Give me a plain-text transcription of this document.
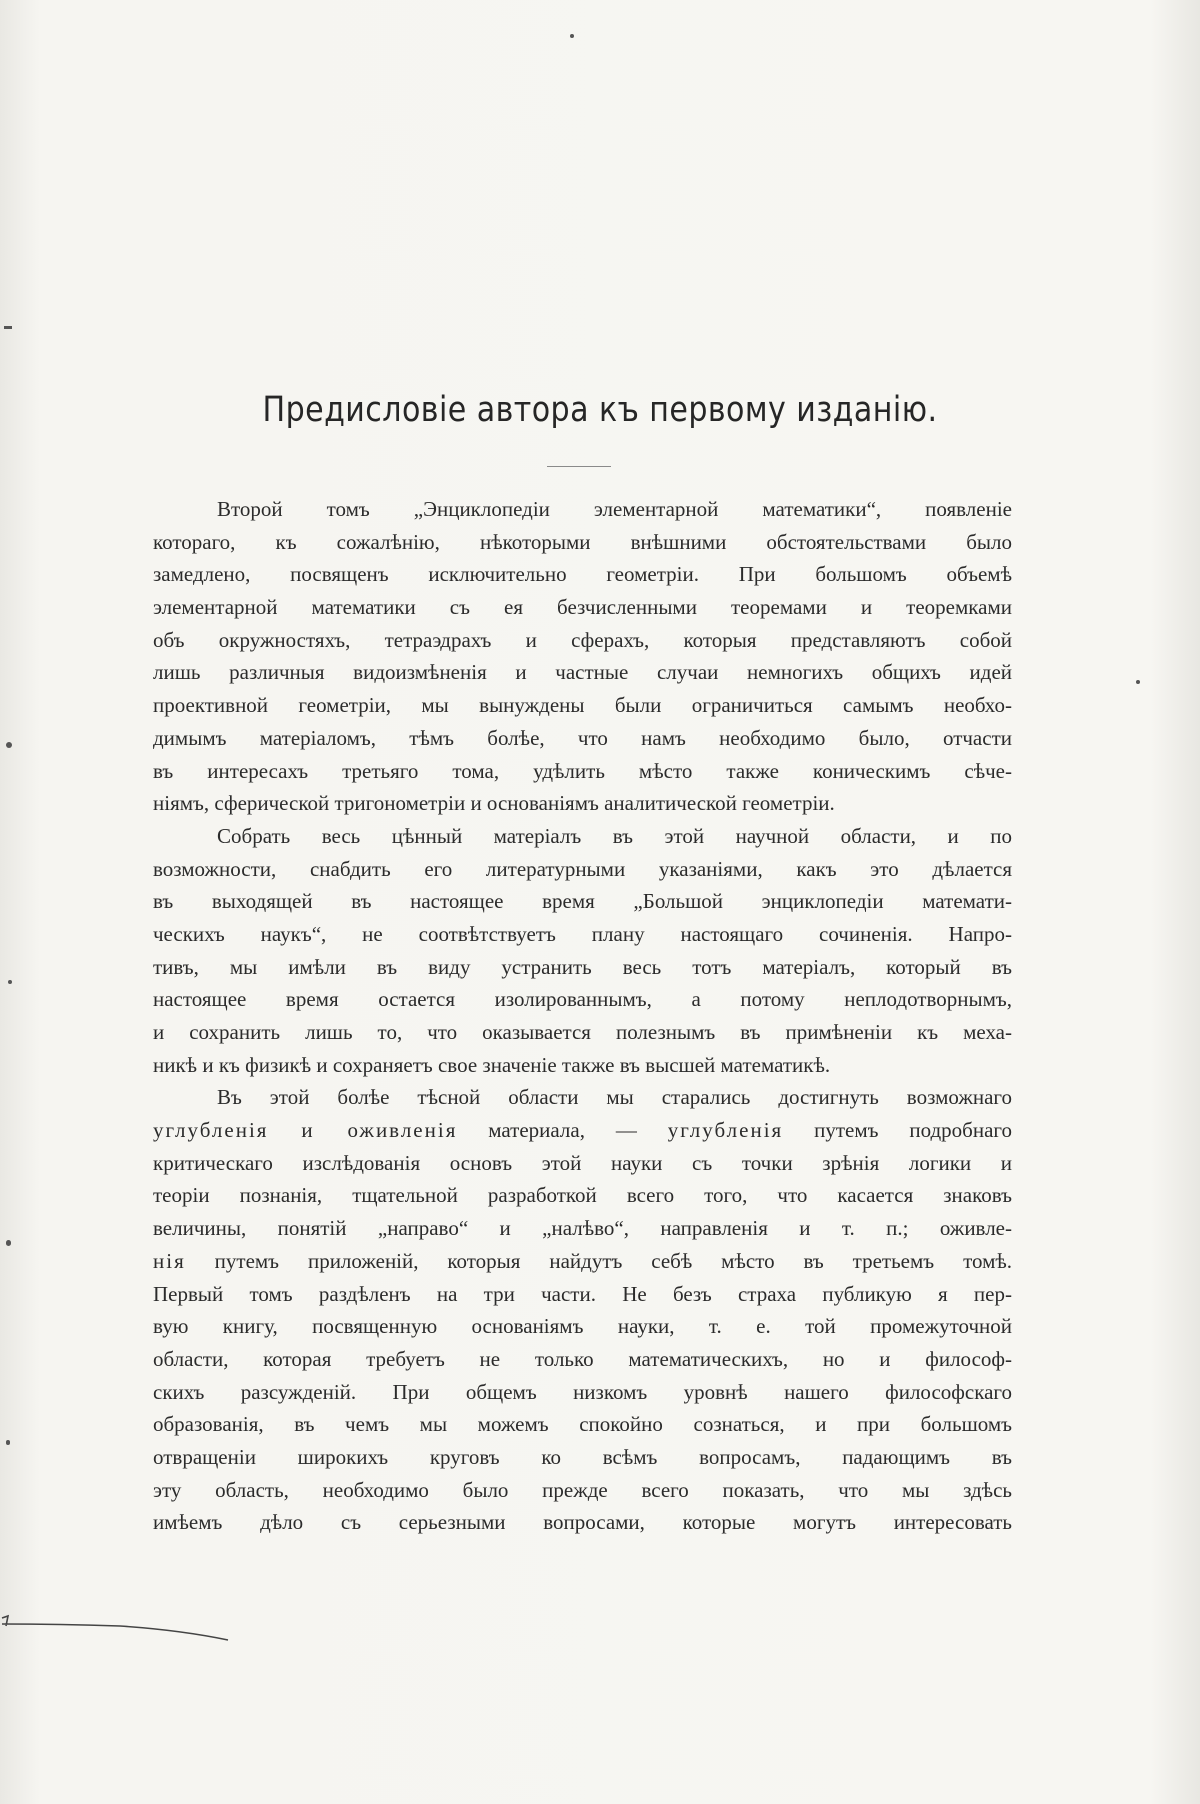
Предисловіе автора къ первому изданію.
Второй томъ „Энциклопедіи элементарной математики“, появленіе
котораго, къ сожалѣнію, нѣкоторыми внѣшними обстоятельствами было
замедлено, посвященъ исключительно геометріи. При большомъ объемѣ
элементарной математики съ ея безчисленными теоремами и теоремками
объ окружностяхъ, тетраэдрахъ и сферахъ, которыя представляютъ собой
лишь различныя видоизмѣненія и частные случаи немногихъ общихъ идей
проективной геометріи, мы вынуждены были ограничиться самымъ необхо-
димымъ матеріаломъ, тѣмъ болѣе, что намъ необходимо было, отчасти
въ интересахъ третьяго тома, удѣлить мѣсто также коническимъ сѣче-
ніямъ, сферической тригонометріи и основаніямъ аналитической геометріи.
Собрать весь цѣнный матеріалъ въ этой научной области, и по
возможности, снабдить его литературными указаніями, какъ это дѣлается
въ выходящей въ настоящее время „Большой энциклопедіи математи-
ческихъ наукъ“, не соотвѣтствуетъ плану настоящаго сочиненія. Напро-
тивъ, мы имѣли въ виду устранить весь тотъ матеріалъ, который въ
настоящее время остается изолированнымъ, а потому неплодотворнымъ,
и сохранить лишь то, что оказывается полезнымъ въ примѣненіи къ меха-
никѣ и къ физикѣ и сохраняетъ свое значеніе также въ высшей математикѣ.
Въ этой болѣе тѣсной области мы старались достигнуть возможнаго
углубленія и оживленія материала, — углубленія путемъ подробнаго
критическаго изслѣдованія основъ этой науки съ точки зрѣнія логики и
теоріи познанія, тщательной разработкой всего того, что касается знаковъ
величины, понятій „направо“ и „налѣво“, направленія и т. п.; оживле-
нія путемъ приложеній, которыя найдутъ себѣ мѣсто въ третьемъ томѣ.
Первый томъ раздѣленъ на три части. Не безъ страха публикую я пер-
вую книгу, посвященную основаніямъ науки, т. е. той промежуточной
области, которая требуетъ не только математическихъ, но и философ-
скихъ разсужденій. При общемъ низкомъ уровнѣ нашего философскаго
образованія, въ чемъ мы можемъ спокойно сознаться, и при большомъ
отвращеніи широкихъ круговъ ко всѣмъ вопросамъ, падающимъ въ
эту область, необходимо было прежде всего показать, что мы здѣсь
имѣемъ дѣло съ серьезными вопросами, которые могутъ интересовать
